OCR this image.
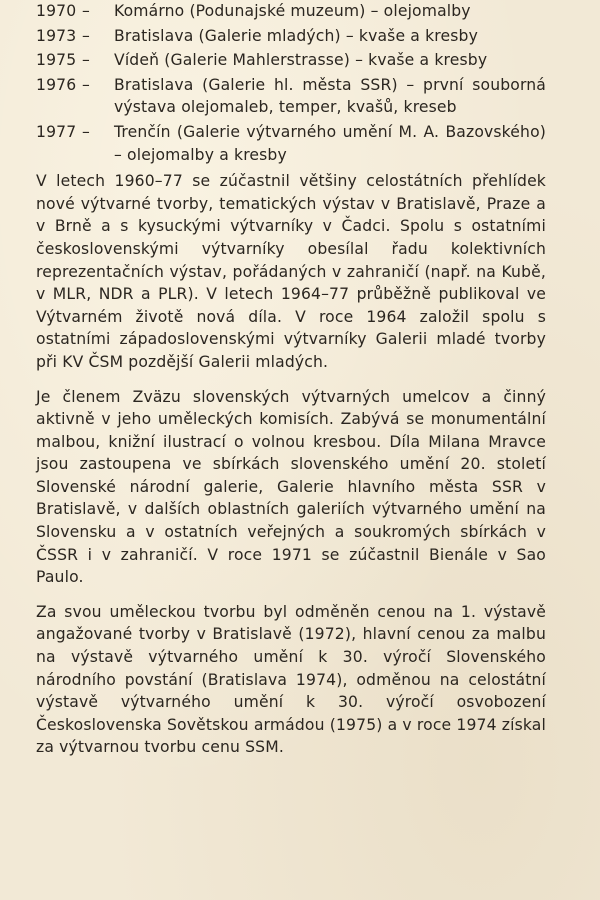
1970 –	Komárno (Podunajské muzeum) – olejomalby
1973 –	Bratislava (Galerie mladých) – kvaše a kresby
1975 –	Vídeň (Galerie Mahlerstrasse) – kvaše a kresby
1976 –	Bratislava (Galerie hl. města SSR) – první souborná výstava olejomaleb, temper, kvašů, kreseb
1977 –	Trenčín (Galerie výtvarného umění M. A. Bazovského) – olejomalby a kresby

V letech 1960–77 se zúčastnil většiny celostátních přehlídek nové výtvarné tvorby, tematických výstav v Bratislavě, Praze a v Brně a s kysuckými výtvarníky v Čadci. Spolu s ostatními československými výtvarníky obesílal řadu kolektivních reprezentačních výstav, pořádaných v zahraničí (např. na Kubě, v MLR, NDR a PLR). V letech 1964–77 průběžně publikoval ve Výtvarném životě nová díla. V roce 1964 založil spolu s ostatními západoslovenskými výtvarníky Galerii mladé tvorby při KV ČSM pozdější Galerii mladých.

Je členem Zväzu slovenských výtvarných umelcov a činný aktivně v jeho uměleckých komisích. Zabývá se monumentální malbou, knižní ilustrací o volnou kresbou. Díla Milana Mravce jsou zastoupena ve sbírkách slovenského umění 20. století Slovenské národní galerie, Galerie hlavního města SSR v Bratislavě, v dalších oblastních galeriích výtvarného umění na Slovensku a v ostatních veřejných a soukromých sbírkách v ČSSR i v zahraničí. V roce 1971 se zúčastnil Bienále v Sao Paulo.

Za svou uměleckou tvorbu byl odměněn cenou na 1. výstavě angažované tvorby v Bratislavě (1972), hlavní cenou za malbu na výstavě výtvarného umění k 30. výročí Slovenského národního povstání (Bratislava 1974), odměnou na celostátní výstavě výtvarného umění k 30. výročí osvobození Československa Sovětskou armádou (1975) a v roce 1974 získal za výtvarnou tvorbu cenu SSM.
